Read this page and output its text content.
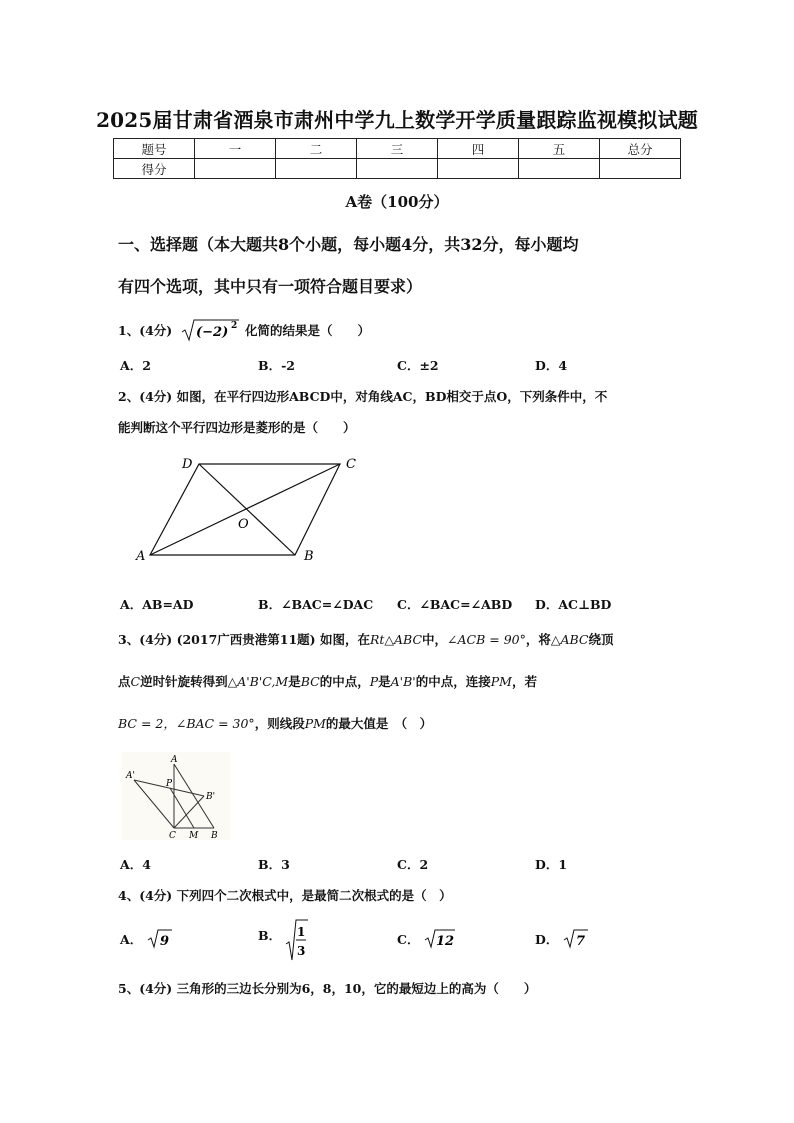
2025届甘肃省酒泉市肃州中学九上数学开学质量跟踪监视模拟试题
题号	一	二	三	四	五	总分
得分						
A卷（100分）
一、选择题（本大题共8个小题，每小题4分，共32分，每小题均
有四个选项，其中只有一项符合题目要求）
1、(4分) (−2) 2 化简的结果是（　　）
A．2	B．-2	C．±2	D．4
2、(4分) 如图，在平行四边形ABCD中，对角线AC，BD相交于点O，下列条件中，不
能判断这个平行四边形是菱形的是（　　）
A	B
C
D
O
A．AB=AD	B．∠BAC=∠DAC C．∠BAC=∠ABD D．AC⊥BD
3、(4分) (2017广西贵港第11题) 如图，在Rt△ABC中，∠ACB = 90°，将△ABC绕顶
点C逆时针旋转得到△A'B'C,M是BC的中点，P是A'B'的中点，连接PM，若
BC = 2，∠BAC = 30°，则线段PM的最大值是　（　）
A'
A
P
B'
C M B
A．4	B．3	C．2	D．1
4、(4分) 下列四个二次根式中，是最简二次根式的是（　）
A． 9	B． 1
3
C． 12	D． 7
5、(4分) 三角形的三边长分别为6，8，10，它的最短边上的高为（　　）
